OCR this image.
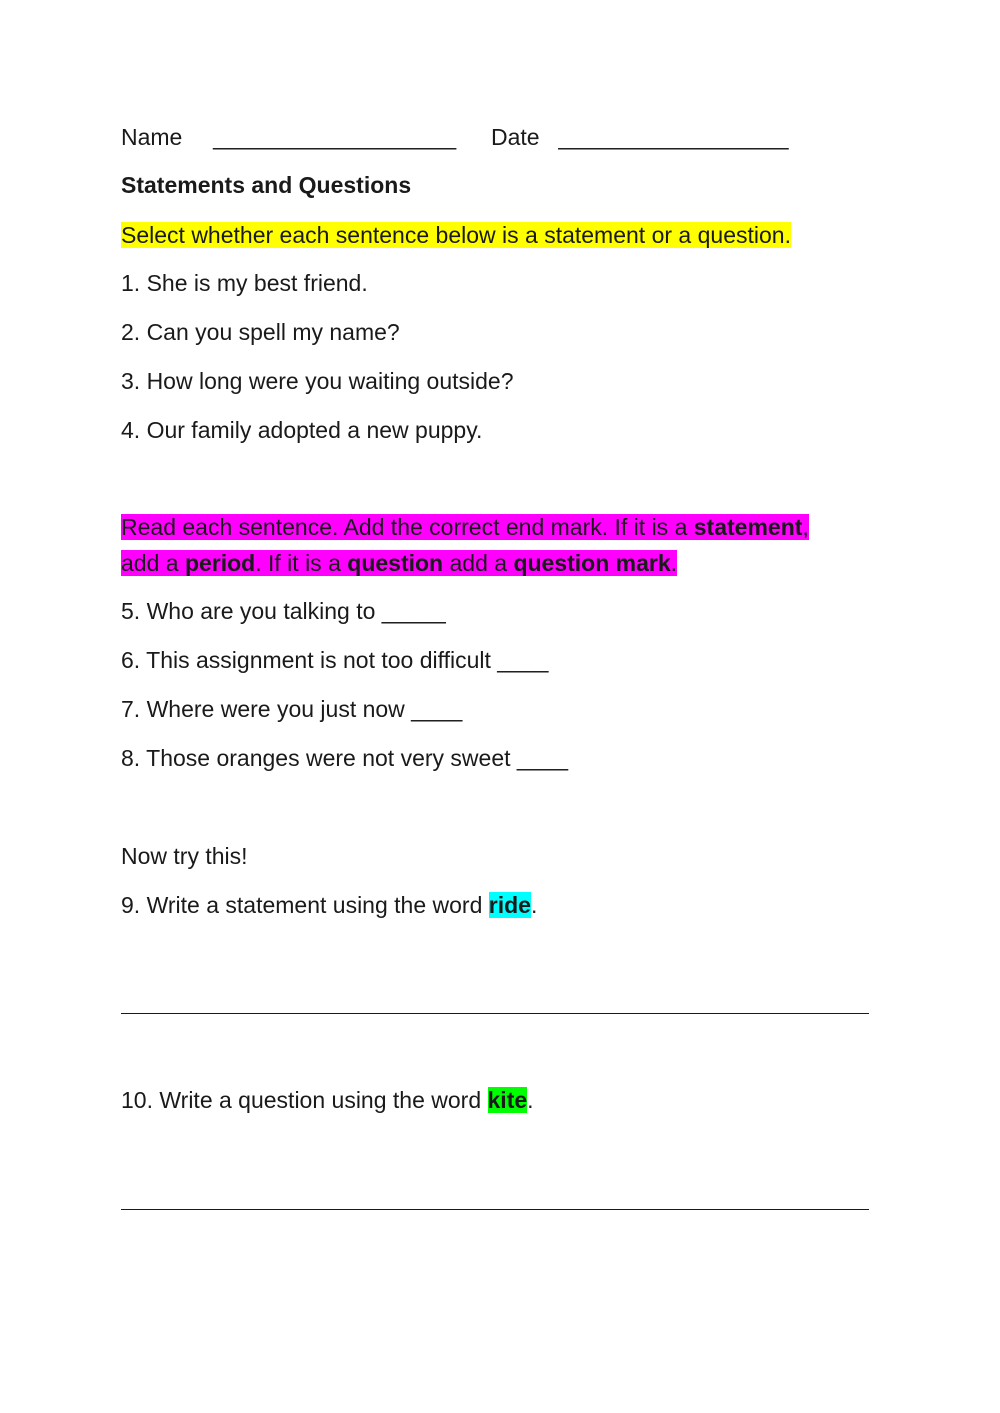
Name ___________________ Date __________________
Statements and Questions
Select whether each sentence below is a statement or a question.
1. She is my best friend.
2. Can you spell my name?
3. How long were you waiting outside?
4. Our family adopted a new puppy.
Read each sentence. Add the correct end mark. If it is a statement,
add a period. If it is a question add a question mark.
5. Who are you talking to _____
6. This assignment is not too difficult ____
7. Where were you just now ____
8. Those oranges were not very sweet ____
Now try this!
9. Write a statement using the word ride.
10. Write a question using the word kite.
